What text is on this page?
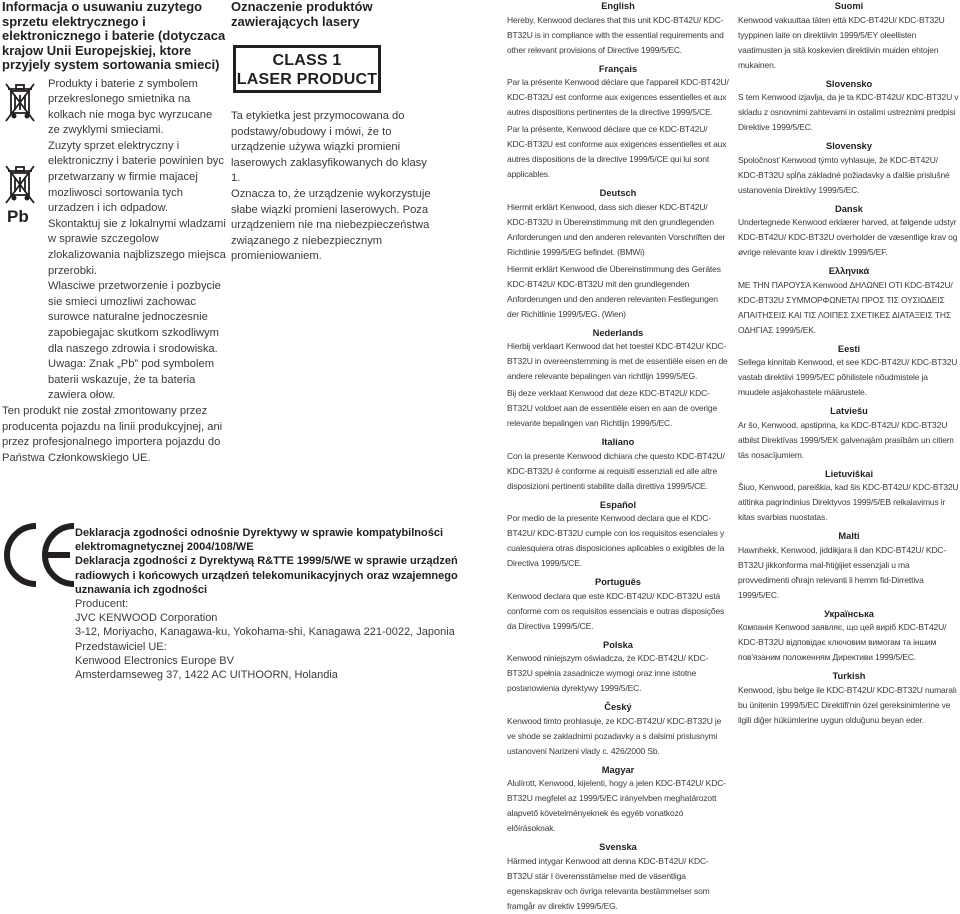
Informacja o usuwaniu zuzytego sprzetu elektrycznego i elektronicznego i baterie (dotyczaca krajow Unii Europejskiej, ktore przyjely system sortowania smieci)
Produkty i baterie z symbolem przekreslonego smietnika na kolkach nie moga byc wyrzucane ze zwyklymi smieciami.
Pb
Zuzyty sprzet elektryczny i elektroniczny i baterie powinien byc przetwarzany w firmie majacej mozliwosci sortowania tych urzadzen i ich odpadow.
Skontaktuj sie z lokalnymi wladzami w sprawie szczegolow zlokalizowania najblizszego miejsca przerobki.
Wlasciwe przetworzenie i pozbycie sie smieci umozliwi zachowac surowce naturalne jednoczesnie zapobiegajac skutkom szkodliwym dla naszego zdrowia i srodowiska.
Uwaga: Znak „Pb” pod symbolem baterii wskazuje, że ta bateria zawiera ołow.
Ten produkt nie został zmontowany przez producenta pojazdu na linii produkcyjnej, ani przez profesjonalnego importera pojazdu do Państwa Członkowskiego UE.
Oznaczenie produktów zawierających lasery
CLASS 1
LASER PRODUCT
Ta etykietka jest przymocowana do podstawy/obudowy i mówi, że to urządzenie używa wiązki promieni laserowych zaklasyfikowanych do klasy 1.
Oznacza to, że urządzenie wykorzystuje słabe wiązki promieni laserowych. Poza urządzeniem nie ma niebezpieczeństwa związanego z niebezpiecznym promieniowaniem.
Deklaracja zgodności odnośnie Dyrektywy w sprawie kompatybilności elektromagnetycznej 2004/108/WE
Deklaracja zgodności z Dyrektywą R&TTE 1999/5/WE w sprawie urządzeń radiowych i końcowych urządzeń telekomunikacyjnych oraz wzajemnego uznawania ich zgodności
Producent:
JVC KENWOOD Corporation
3-12, Moriyacho, Kanagawa-ku, Yokohama-shi, Kanagawa 221-0022, Japonia
Przedstawiciel UE:
Kenwood Electronics Europe BV
Amsterdamseweg 37, 1422 AC UITHOORN, Holandia
English
Hereby, Kenwood declares that this unit KDC-BT42U/ KDC-BT32U is in compliance with the essential requirements and other relevant provisions of Directive 1999/5/EC.
Français
Par la présente Kenwood déclare que l'appareil KDC-BT42U/ KDC-BT32U est conforme aux exigences essentielles et aux autres dispositions pertinentes de la directive 1999/5/CE.
Par la présente, Kenwood déclare que ce KDC-BT42U/ KDC-BT32U est conforme aux exigences essentielles et aux autres dispositions de la directive 1999/5/CE qui lui sont applicables.
Deutsch
Hiermit erklärt Kenwood, dass sich dieser KDC-BT42U/ KDC-BT32U in Übereinstimmung mit den grundlegenden Anforderungen und den anderen relevanten Vorschriften der Richtlinie 1999/5/EG befindet. (BMWi)
Hiermit erklärt Kenwood die Übereinstimmung des Gerätes KDC-BT42U/ KDC-BT32U mit den grundlegenden Anforderungen und den anderen relevanten Festlegungen der Richitlinie 1999/5/EG. (Wien)
Nederlands
Hierbij verklaart Kenwood dat het toestel KDC-BT42U/ KDC-BT32U in overeenstemming is met de essentiële eisen en de andere relevante bepalingen van richtlijn 1999/5/EG.
Bij deze verklaat Kenwood dat deze KDC-BT42U/ KDC-BT32U voldoet aan de essentiële eisen en aan de overige relevante bepalingen van Richtlijn 1999/5/EC.
Italiano
Con la presente Kenwood dichiara che questo KDC-BT42U/ KDC-BT32U è conforme ai requisiti essenziali ed alle altre disposizioni pertinenti stabilite dalla direttiva 1999/5/CE.
Español
Por medio de la presente Kenwood declara que el KDC-BT42U/ KDC-BT32U cumple con los requisitos esenciales y cualesquiera otras disposiciones aplicables o exigibles de la Directiva 1999/5/CE.
Português
Kenwood declara que este KDC-BT42U/ KDC-BT32U está conforme com os requisitos essenciais e outras disposições da Directiva 1999/5/CE.
Polska
Kenwood niniejszym oświadcza, że KDC-BT42U/ KDC-BT32U spełnia zasadnicze wymogi oraz inne istotne postanowienia dyrektywy 1999/5/EC.
Český
Kenwood timto prohlasuje, ze KDC-BT42U/ KDC-BT32U je ve shode se zakladnimi pozadavky a s dalsimi prislusnymi ustanoveni Narizeni vlady c. 426/2000 Sb.
Magyar
Alulírott, Kenwood, kijelenti, hogy a jelen KDC-BT42U/ KDC-BT32U megfelel az 1999/5/EC irányelvben meghatározott alapvető követelményeknek és egyéb vonatkozó előírásoknak.
Svenska
Härmed intygar Kenwood att denna KDC-BT42U/ KDC-BT32U stär I överensstämelse med de väsentliga egenskapskrav och övriga relevanta bestämmelser som framgår av direktiv 1999/5/EG.
Suomi
Kenwood vakuuttaa täten että KDC-BT42U/ KDC-BT32U tyyppinen laite on direktiivin 1999/5/EY oleellisten vaatimusten ja sitä koskevien direktiivin muiden ehtojen mukainen.
Slovensko
S tem Kenwood izjavlja, da je ta KDC-BT42U/ KDC-BT32U v skladu z osnovnimi zahtevami in ostalimi ustreznimi predpisi Direktive 1999/5/EC.
Slovensky
Spoločnosť Kenwood týmto vyhlasuje, že KDC-BT42U/ KDC-BT32U spĺňa základné požiadavky a ďalšie prislušné ustanovenia Direktívy 1999/5/EC.
Dansk
Undertegnede Kenwood erklærer harved, at følgende udstyr KDC-BT42U/ KDC-BT32U overholder de væsentlige krav og øvrige relevante krav i direktiv 1999/5/EF.
Ελληνικά
ΜΕ ΤΗΝ ΠΑΡΟΥΣΑ Kenwood ΔΗΛΩΝΕΙ ΟΤΙ KDC-BT42U/ KDC-BT32U ΣΥΜΜΟΡΦΩΝΕΤΑΙ ΠΡΟΣ ΤΙΣ ΟΥΣΙΩΔΕΙΣ ΑΠΑΙΤΗΣΕΙΣ ΚΑΙ ΤΙΣ ΛΟΙΠΕΣ ΣΧΕΤΙΚΕΣ ΔΙΑΤΑΞΕΙΣ ΤΗΣ ΟΔΗΓΙΑΣ 1999/5/ΕΚ.
Eesti
Sellega kinnitab Kenwood, et see KDC-BT42U/ KDC-BT32U vastab direktiivi 1999/5/EC põhilistele nõudmistele ja muudele asjakohastele määrustele.
Latviešu
Ar šo, Kenwood, apstiprina, ka KDC-BT42U/ KDC-BT32U atbilst Direktīvas 1999/5/EK galvenajām prasībām un citiem tās nosacījumiem.
Lietuviškai
Šiuo, Kenwood, pareiškia, kad šis KDC-BT42U/ KDC-BT32U atitinka pagrindinius Direktyvos 1999/5/EB reikalavimus ir kitas svarbias nuostatas.
Malti
Hawnhekk, Kenwood, jiddikjara li dan KDC-BT42U/ KDC-BT32U jikkonforma mal-ħtiġijiet essenzjali u ma provvedimenti oħrajn relevanti li hemm fid-Dirrettiva 1999/5/EC.
Українська
Компанія Kenwood заявляє, що цей виріб KDC-BT42U/ KDC-BT32U відповідає ключовим вимогам та іншим пов'язаним положенням Директиви 1999/5/EC.
Turkish
Kenwood, işbu belge ile KDC-BT42U/ KDC-BT32U numaralı bu ünitenin 1999/5/EC Direktifi'nin özel gereksinimlerine ve ilgili diğer hükümlerine uygun olduğunu beyan eder.
